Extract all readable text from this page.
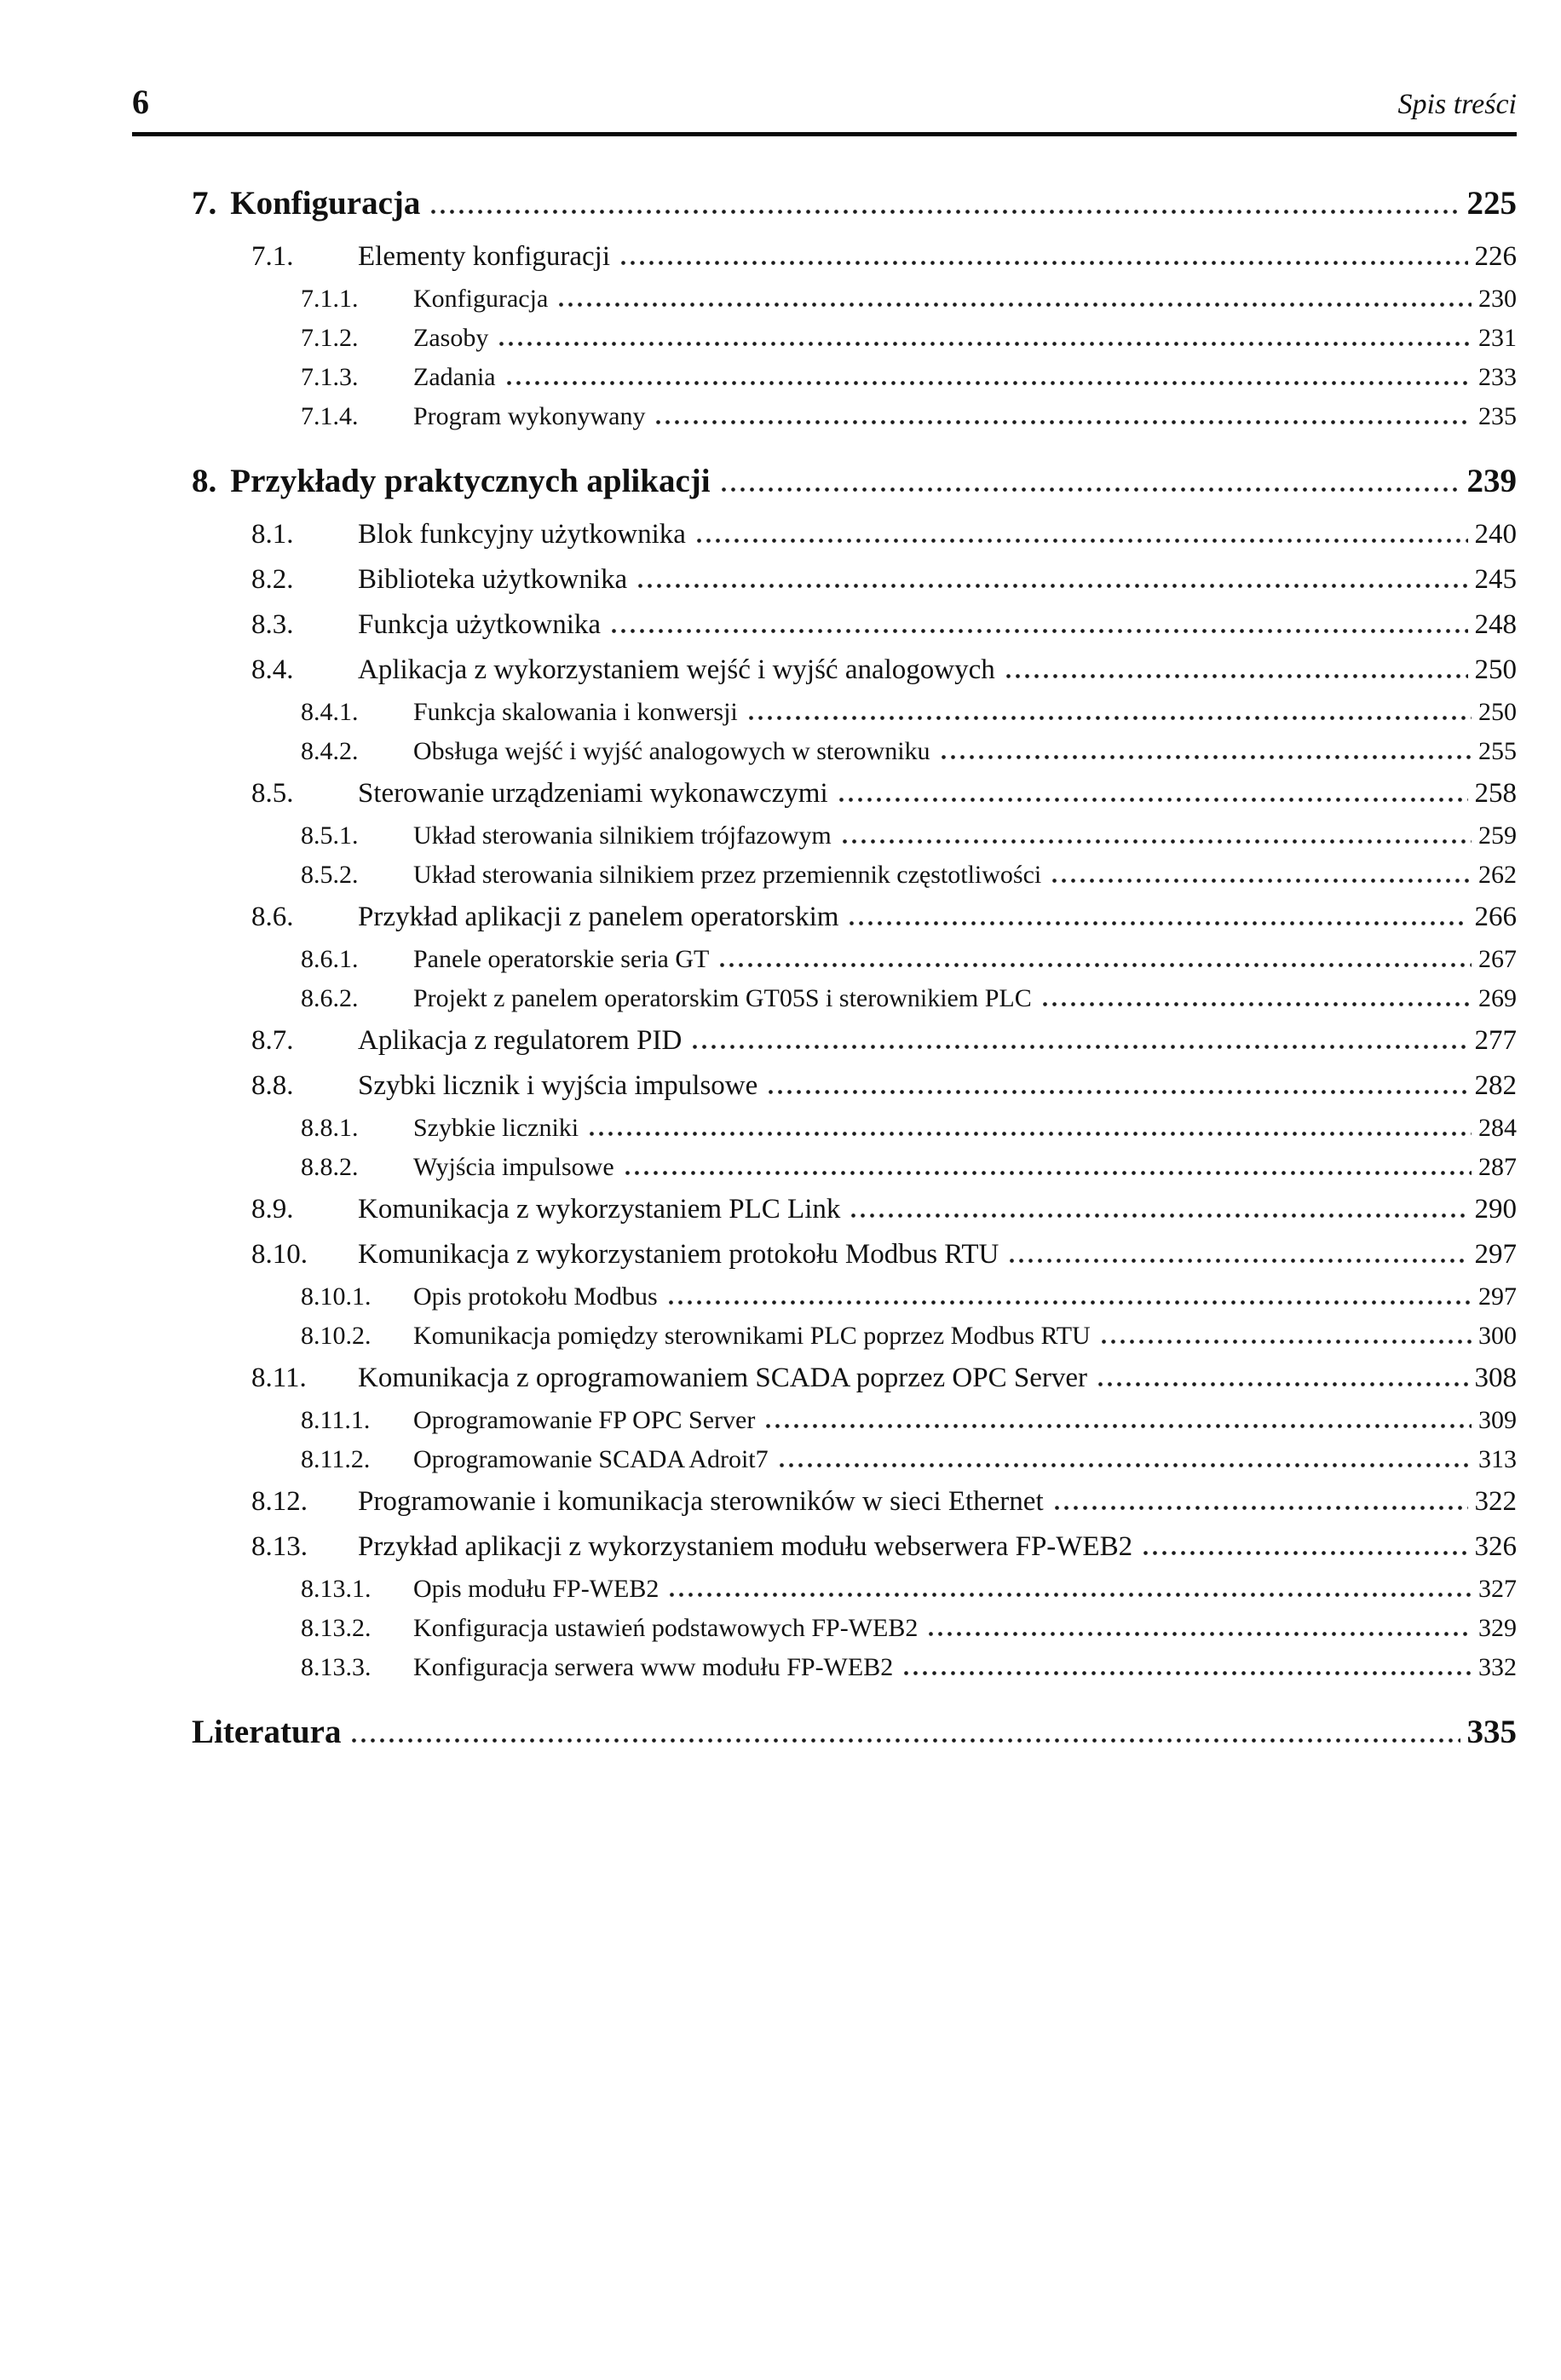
6	Spis treści
7. Konfiguracja	225
7.1.	Elementy konfiguracji	226
7.1.1.	Konfiguracja	230
7.1.2.	Zasoby	231
7.1.3.	Zadania	233
7.1.4.	Program wykonywany	235
8. Przykłady praktycznych aplikacji	239
8.1.	Blok funkcyjny użytkownika	240
8.2.	Biblioteka użytkownika	245
8.3.	Funkcja użytkownika	248
8.4.	Aplikacja z wykorzystaniem wejść i wyjść analogowych	250
8.4.1.	Funkcja skalowania i konwersji	250
8.4.2.	Obsługa wejść i wyjść analogowych w sterowniku	255
8.5.	Sterowanie urządzeniami wykonawczymi	258
8.5.1.	Układ sterowania silnikiem trójfazowym	259
8.5.2.	Układ sterowania silnikiem przez przemiennik częstotliwości	262
8.6.	Przykład aplikacji z panelem operatorskim	266
8.6.1.	Panele operatorskie seria GT	267
8.6.2.	Projekt z panelem operatorskim GT05S i sterownikiem PLC	269
8.7.	Aplikacja z regulatorem PID	277
8.8.	Szybki licznik i wyjścia impulsowe	282
8.8.1.	Szybkie liczniki	284
8.8.2.	Wyjścia impulsowe	287
8.9.	Komunikacja z wykorzystaniem PLC Link	290
8.10.	Komunikacja z wykorzystaniem protokołu Modbus RTU	297
8.10.1.	Opis protokołu Modbus	297
8.10.2.	Komunikacja pomiędzy sterownikami PLC poprzez Modbus RTU	300
8.11.	Komunikacja z oprogramowaniem SCADA poprzez OPC Server	308
8.11.1.	Oprogramowanie FP OPC Server	309
8.11.2.	Oprogramowanie SCADA Adroit7	313
8.12.	Programowanie i komunikacja sterowników w sieci Ethernet	322
8.13.	Przykład aplikacji z wykorzystaniem modułu webserwera FP-WEB2	326
8.13.1.	Opis modułu FP-WEB2	327
8.13.2.	Konfiguracja ustawień podstawowych FP-WEB2	329
8.13.3.	Konfiguracja serwera www modułu FP-WEB2	332
Literatura	335
